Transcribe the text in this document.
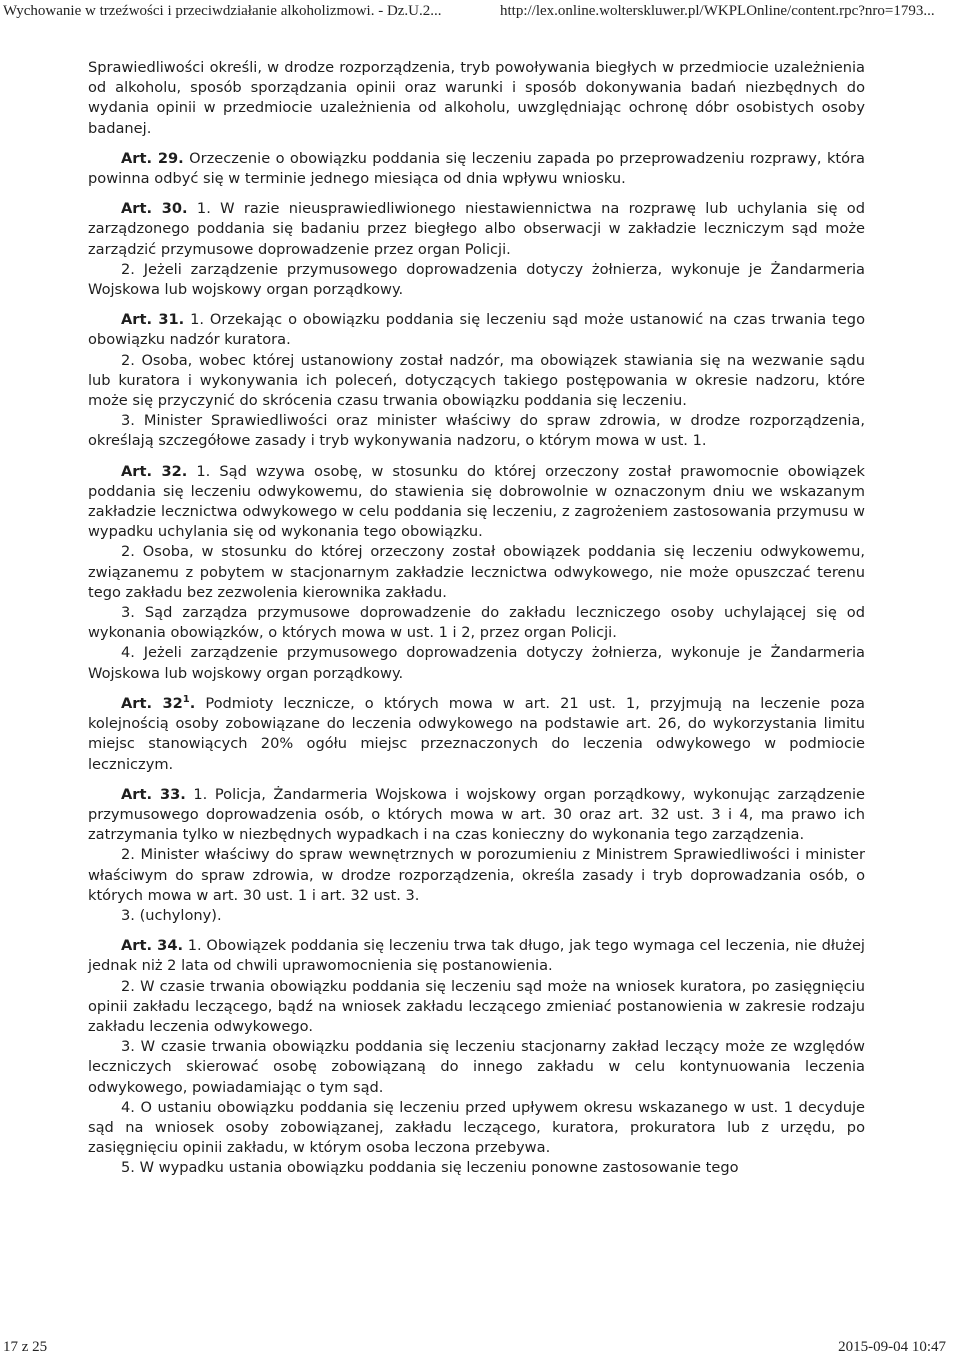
Wychowanie w trzeźwości i przeciwdziałanie alkoholizmowi. - Dz.U.2...	http://lex.online.wolterskluwer.pl/WKPLOnline/content.rpc?nro=1793...

Sprawiedliwości określi, w drodze rozporządzenia, tryb powoływania biegłych w przedmiocie uzależnienia od alkoholu, sposób sporządzania opinii oraz warunki i sposób dokonywania badań niezbędnych do wydania opinii w przedmiocie uzależnienia od alkoholu, uwzględniając ochronę dóbr osobistych osoby badanej.

Art. 29. Orzeczenie o obowiązku poddania się leczeniu zapada po przeprowadzeniu rozprawy, która powinna odbyć się w terminie jednego miesiąca od dnia wpływu wniosku.

Art. 30. 1. W razie nieusprawiedliwionego niestawiennictwa na rozprawę lub uchylania się od zarządzonego poddania się badaniu przez biegłego albo obserwacji w zakładzie leczniczym sąd może zarządzić przymusowe doprowadzenie przez organ Policji.

2. Jeżeli zarządzenie przymusowego doprowadzenia dotyczy żołnierza, wykonuje je Żandarmeria Wojskowa lub wojskowy organ porządkowy.

Art. 31. 1. Orzekając o obowiązku poddania się leczeniu sąd może ustanowić na czas trwania tego obowiązku nadzór kuratora.

2. Osoba, wobec której ustanowiony został nadzór, ma obowiązek stawiania się na wezwanie sądu lub kuratora i wykonywania ich poleceń, dotyczących takiego postępowania w okresie nadzoru, które może się przyczynić do skrócenia czasu trwania obowiązku poddania się leczeniu.

3. Minister Sprawiedliwości oraz minister właściwy do spraw zdrowia, w drodze rozporządzenia, określają szczegółowe zasady i tryb wykonywania nadzoru, o którym mowa w ust. 1.

Art. 32. 1. Sąd wzywa osobę, w stosunku do której orzeczony został prawomocnie obowiązek poddania się leczeniu odwykowemu, do stawienia się dobrowolnie w oznaczonym dniu we wskazanym zakładzie lecznictwa odwykowego w celu poddania się leczeniu, z zagrożeniem zastosowania przymusu w wypadku uchylania się od wykonania tego obowiązku.

2. Osoba, w stosunku do której orzeczony został obowiązek poddania się leczeniu odwykowemu, związanemu z pobytem w stacjonarnym zakładzie lecznictwa odwykowego, nie może opuszczać terenu tego zakładu bez zezwolenia kierownika zakładu.

3. Sąd zarządza przymusowe doprowadzenie do zakładu leczniczego osoby uchylającej się od wykonania obowiązków, o których mowa w ust. 1 i 2, przez organ Policji.

4. Jeżeli zarządzenie przymusowego doprowadzenia dotyczy żołnierza, wykonuje je Żandarmeria Wojskowa lub wojskowy organ porządkowy.

Art. $32^1$. Podmioty lecznicze, o których mowa w art. 21 ust. 1, przyjmują na leczenie poza kolejnością osoby zobowiązane do leczenia odwykowego na podstawie art. 26, do wykorzystania limitu miejsc stanowiących 20% ogółu miejsc przeznaczonych do leczenia odwykowego w podmiocie leczniczym.

Art. 33. 1. Policja, Żandarmeria Wojskowa i wojskowy organ porządkowy, wykonując zarządzenie przymusowego doprowadzenia osób, o których mowa w art. 30 oraz art. 32 ust. 3 i 4, ma prawo ich zatrzymania tylko w niezbędnych wypadkach i na czas konieczny do wykonania tego zarządzenia.

2. Minister właściwy do spraw wewnętrznych w porozumieniu z Ministrem Sprawiedliwości i minister właściwym do spraw zdrowia, w drodze rozporządzenia, określa zasady i tryb doprowadzania osób, o których mowa w art. 30 ust. 1 i art. 32 ust. 3.

3. (uchylony).

Art. 34. 1. Obowiązek poddania się leczeniu trwa tak długo, jak tego wymaga cel leczenia, nie dłużej jednak niż 2 lata od chwili uprawomocnienia się postanowienia.

2. W czasie trwania obowiązku poddania się leczeniu sąd może na wniosek kuratora, po zasięgnięciu opinii zakładu leczącego, bądź na wniosek zakładu leczącego zmieniać postanowienia w zakresie rodzaju zakładu leczenia odwykowego.

3. W czasie trwania obowiązku poddania się leczeniu stacjonarny zakład leczący może ze względów leczniczych skierować osobę zobowiązaną do innego zakładu w celu kontynuowania leczenia odwykowego, powiadamiając o tym sąd.

4. O ustaniu obowiązku poddania się leczeniu przed upływem okresu wskazanego w ust. 1 decyduje sąd na wniosek osoby zobowiązanej, zakładu leczącego, kuratora, prokuratora lub z urzędu, po zasięgnięciu opinii zakładu, w którym osoba leczona przebywa.

5. W wypadku ustania obowiązku poddania się leczeniu ponowne zastosowanie tego

17 z 25	2015-09-04 10:47
